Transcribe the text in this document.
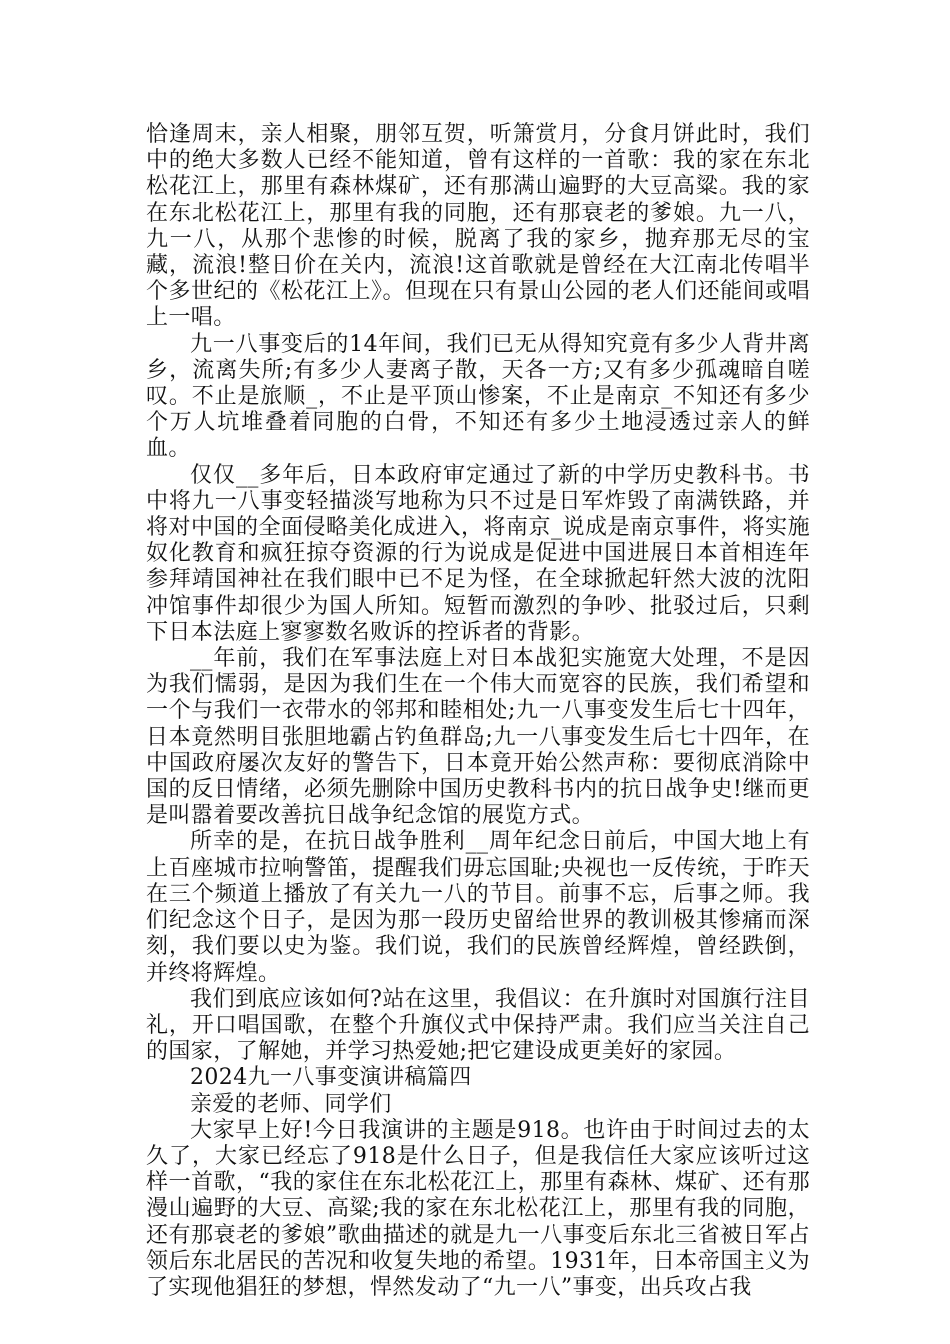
恰逢周末，亲人相聚，朋邻互贺，听箫赏月，分食月饼此时，我们中的绝大多数人已经不能知道，曾有这样的一首歌：我的家在东北松花江上，那里有森林煤矿，还有那满山遍野的大豆高粱。我的家在东北松花江上，那里有我的同胞，还有那衰老的爹娘。九一八，九一八，从那个悲惨的时候，脱离了我的家乡，抛弃那无尽的宝藏，流浪!整日价在关内，流浪!这首歌就是曾经在大江南北传唱半个多世纪的《松花江上》。但现在只有景山公园的老人们还能间或唱上一唱。

九一八事变后的14年间，我们已无从得知究竟有多少人背井离乡，流离失所;有多少人妻离子散，天各一方;又有多少孤魂暗自嗟叹。不止是旅顺_，不止是平顶山惨案，不止是南京_不知还有多少个万人坑堆叠着同胞的白骨，不知还有多少土地浸透过亲人的鲜血。

仅仅__多年后，日本政府审定通过了新的中学历史教科书。书中将九一八事变轻描淡写地称为只不过是日军炸毁了南满铁路，并将对中国的全面侵略美化成进入，将南京_说成是南京事件，将实施奴化教育和疯狂掠夺资源的行为说成是促进中国进展日本首相连年参拜靖国神社在我们眼中已不足为怪，在全球掀起轩然大波的沈阳冲馆事件却很少为国人所知。短暂而激烈的争吵、批驳过后，只剩下日本法庭上寥寥数名败诉的控诉者的背影。

__年前，我们在军事法庭上对日本战犯实施宽大处理，不是因为我们懦弱，是因为我们生在一个伟大而宽容的民族，我们希望和一个与我们一衣带水的邻邦和睦相处;九一八事变发生后七十四年，日本竟然明目张胆地霸占钓鱼群岛;九一八事变发生后七十四年，在中国政府屡次友好的警告下，日本竟开始公然声称：要彻底消除中国的反日情绪，必须先删除中国历史教科书内的抗日战争史!继而更是叫嚣着要改善抗日战争纪念馆的展览方式。

所幸的是，在抗日战争胜利__周年纪念日前后，中国大地上有上百座城市拉响警笛，提醒我们毋忘国耻;央视也一反传统，于昨天在三个频道上播放了有关九一八的节目。前事不忘，后事之师。我们纪念这个日子，是因为那一段历史留给世界的教训极其惨痛而深刻，我们要以史为鉴。我们说，我们的民族曾经辉煌，曾经跌倒，并终将辉煌。

我们到底应该如何?站在这里，我倡议：在升旗时对国旗行注目礼，开口唱国歌，在整个升旗仪式中保持严肃。我们应当关注自己的国家，了解她，并学习热爱她;把它建设成更美好的家园。

2024九一八事变演讲稿篇四

亲爱的老师、同学们

大家早上好!今日我演讲的主题是918。也许由于时间过去的太久了，大家已经忘了918是什么日子，但是我信任大家应该听过这样一首歌，“我的家住在东北松花江上，那里有森林、煤矿、还有那漫山遍野的大豆、高粱;我的家在东北松花江上，那里有我的同胞，还有那衰老的爹娘”歌曲描述的就是九一八事变后东北三省被日军占领后东北居民的苦况和收复失地的希望。1931年，日本帝国主义为了实现他猖狂的梦想，悍然发动了“九一八”事变，出兵攻占我
